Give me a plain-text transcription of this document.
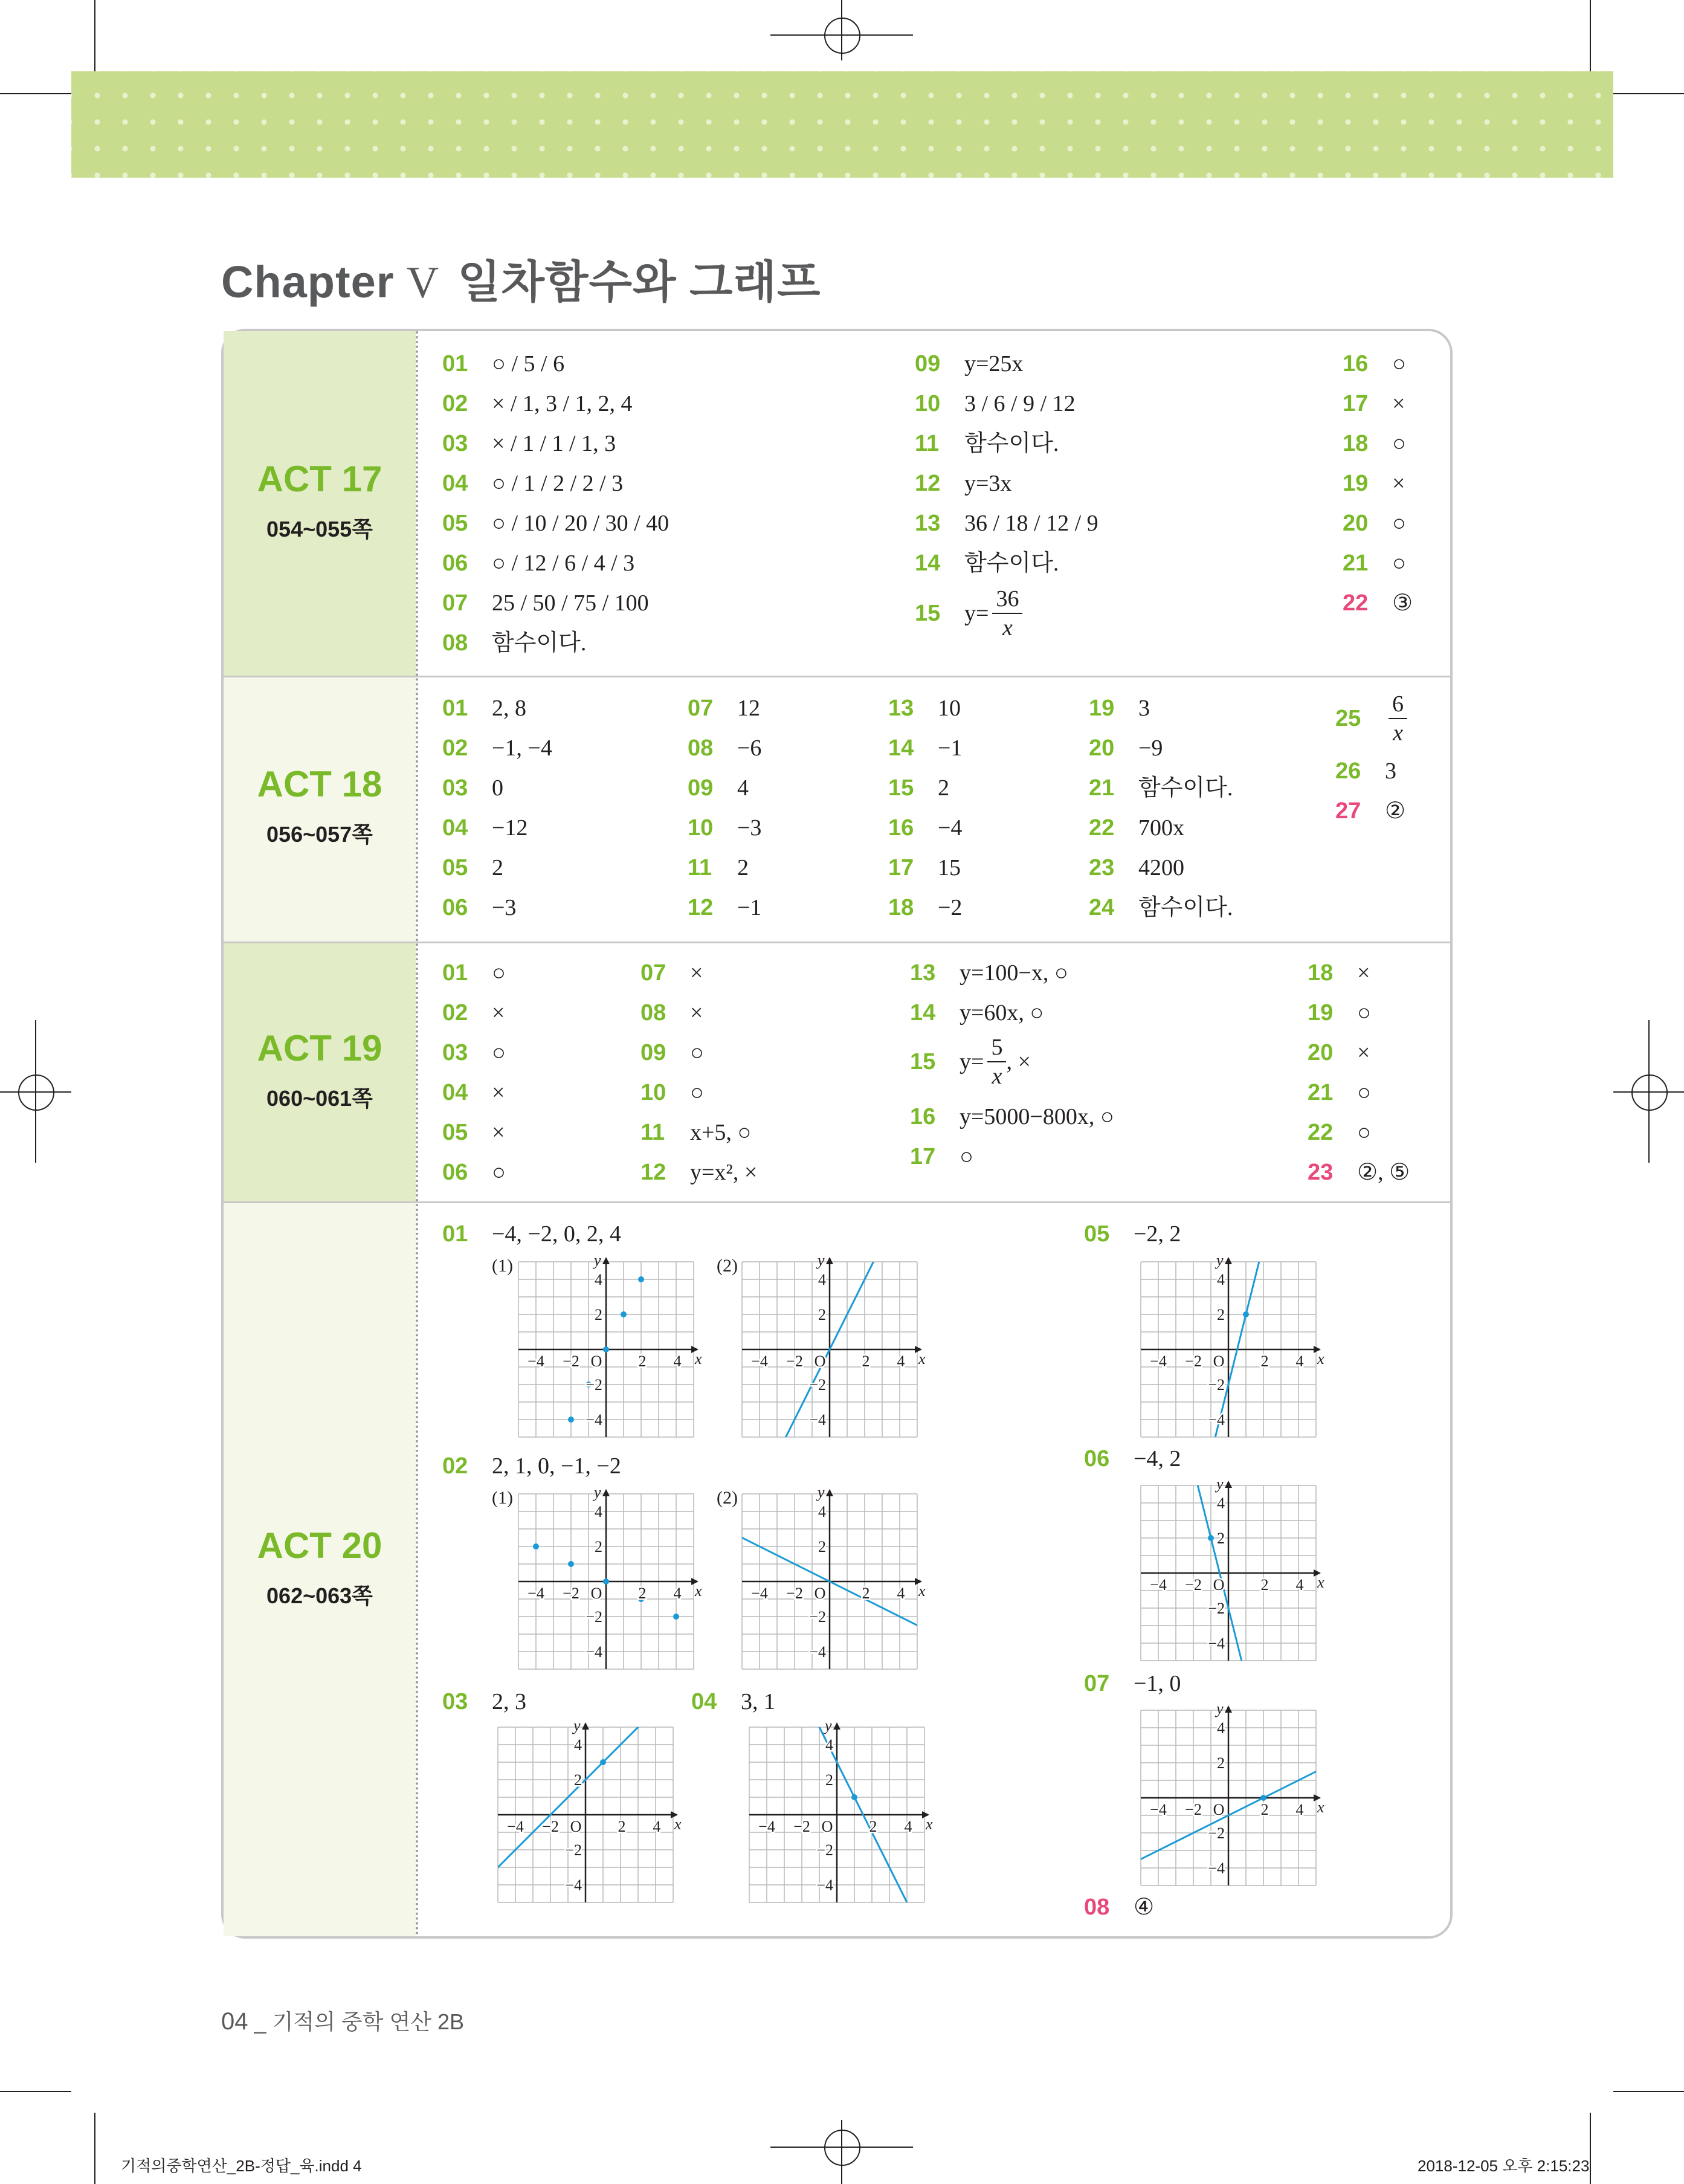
Chapter V 일차함수와 그래프
ACT 17
054~055쪽
ACT 18
056~057쪽
ACT 19
060~061쪽
ACT 20
062~063쪽
01 ○ / 5 / 6
02 × / 1, 3 / 1, 2, 4
03 × / 1 / 1 / 1, 3
04 ○ / 1 / 2 / 2 / 3
05 ○ / 10 / 20 / 30 / 40
06 ○ / 12 / 6 / 4 / 3
07 25 / 50 / 75 / 100
08 함수이다.
09 y=25x
10 3 / 6 / 9 / 12
11 함수이다.
12 y=3x
13 36 / 18 / 12 / 9
14 함수이다.
15 $y= \frac{36}{x}$
16 ○
17 ×
18 ○
19 ×
20 ○
21 ○
22 ③
01 2, 8
02 −1, −4
03 0
04 −12
05 2
06 −3
07 12
08 −6
09 4
10 −3
11 2
12 −1
13 10
14 −1
15 2
16 −4
17 15
18 −2
19 3
20 −9
21 함수이다.
22 700x
23 4200
24 함수이다.
$25 \frac{6}{x}$
26 3
27 ②
01 ○
02 ×
03 ○
04 ×
05 ×
06 ○
07 ×
08 ×
09 ○
10 ○
11 x+5, ○
12 y=x², ×
13 y=100−x, ○
14 y=60x, ○
15 $y= \frac{5}{x}$ , ×
16 y=5000−800x, ○
17 ○
18 ×
19 ○
20 ×
21 ○
22 ○
23 ②, ⑤
01 −4, −2, 0, 2, 4
02 2, 1, 0, −1, −2
03 2, 3	04 3, 1
05 −2, 2
06 −4, 2
07 −1, 0
08 ④
(1)	(2)
(1)	(2)
−4 −2	2 4
4
2
−2
−4
O	x
y
−4 −2	2 4
4
2
−2
−4
O	x
y
−4 −2	2 4
4
2
−2
−4
O	x
y
−4 −2	2 4
4
2
−2
−4
O	x
y
−4 −2	2 4
4
2
−2
−4
O	x
y
−4 −2	2 4
4
2
−2
−4
O	x
y
−4 −2	2 4
4
2
−2
−4
O	x
y
−4 −2	2 4
4
2
−2
−4
O	x
y
−4 −2	2 4
4
2
−2
−4
O	x
y
04 _ 기적의 중학 연산 2B
기적의중학연산_2B-정답_육.indd 4	2018-12-05 오후 2:15:23
